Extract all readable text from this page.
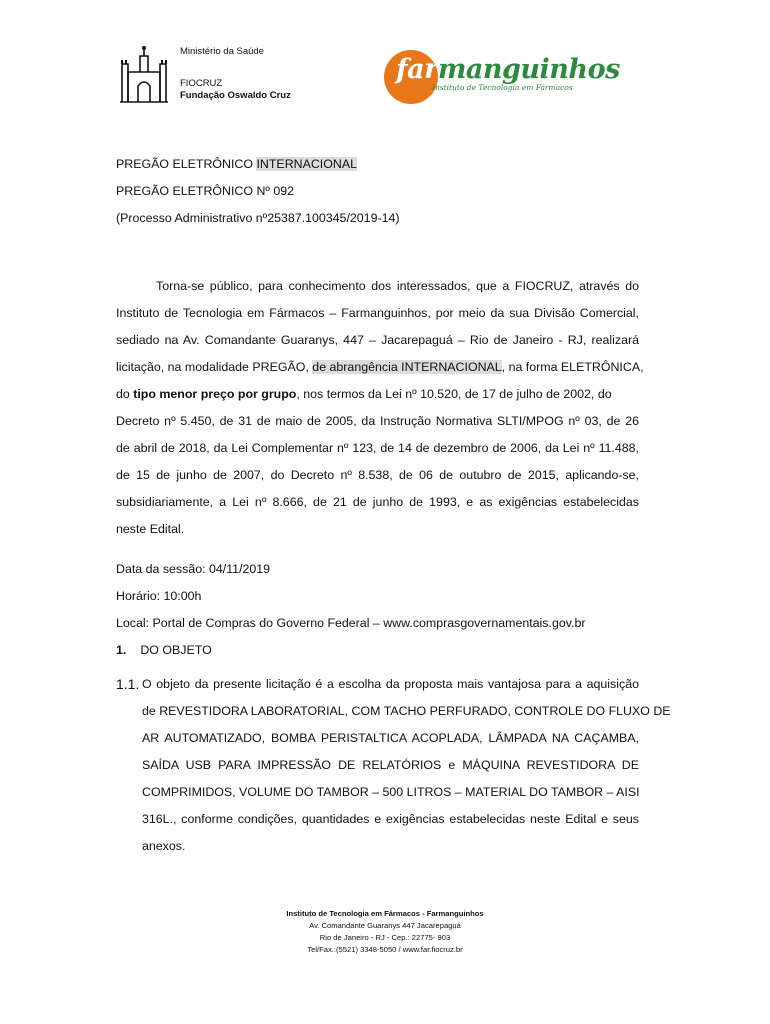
Ministério da Saúde
FIOCRUZ
Fundação Oswaldo Cruz
farmanguinhos
Instituto de Tecnologia em Fármacos
PREGÃO ELETRÔNICO INTERNACIONAL
PREGÃO ELETRÔNICO Nº 092
(Processo Administrativo nº25387.100345/2019-14)
Torna-se público, para conhecimento dos interessados, que a FIOCRUZ, através do
Instituto de Tecnologia em Fármacos – Farmanguinhos, por meio da sua Divisão Comercial,
sediado na Av. Comandante Guaranys, 447 – Jacarepaguá – Rio de Janeiro - RJ, realizará
licitação, na modalidade PREGÃO, de abrangência INTERNACIONAL, na forma ELETRÔNICA,
do tipo menor preço por grupo, nos termos da Lei nº 10.520, de 17 de julho de 2002, do
Decreto nº 5.450, de 31 de maio de 2005, da Instrução Normativa SLTI/MPOG nº 03, de 26
de abril de 2018, da Lei Complementar nº 123, de 14 de dezembro de 2006, da Lei nº 11.488,
de 15 de junho de 2007, do Decreto nº 8.538, de 06 de outubro de 2015, aplicando-se,
subsidiariamente, a Lei nº 8.666, de 21 de junho de 1993, e as exigências estabelecidas
neste Edital.
Data da sessão: 04/11/2019
Horário: 10:00h
Local: Portal de Compras do Governo Federal – www.comprasgovernamentais.gov.br
1. DO OBJETO
1.1. O objeto da presente licitação é a escolha da proposta mais vantajosa para a aquisição
de REVESTIDORA LABORATORIAL, COM TACHO PERFURADO, CONTROLE DO FLUXO DE
AR AUTOMATIZADO, BOMBA PERISTALTICA ACOPLADA, LÂMPADA NA CAÇAMBA,
SAÍDA USB PARA IMPRESSÃO DE RELATÓRIOS e MÁQUINA REVESTIDORA DE
COMPRIMIDOS, VOLUME DO TAMBOR – 500 LITROS – MATERIAL DO TAMBOR – AISI
316L., conforme condições, quantidades e exigências estabelecidas neste Edital e seus
anexos.
Instituto de Tecnologia em Fármacos - Farmanguinhos
Av. Comandante Guaranys 447 Jacarepaguá
Rio de Janeiro - RJ - Cep.: 22775- 903
Tel/Fax.:(5521) 3348-5050 / www.far.fiocruz.br
